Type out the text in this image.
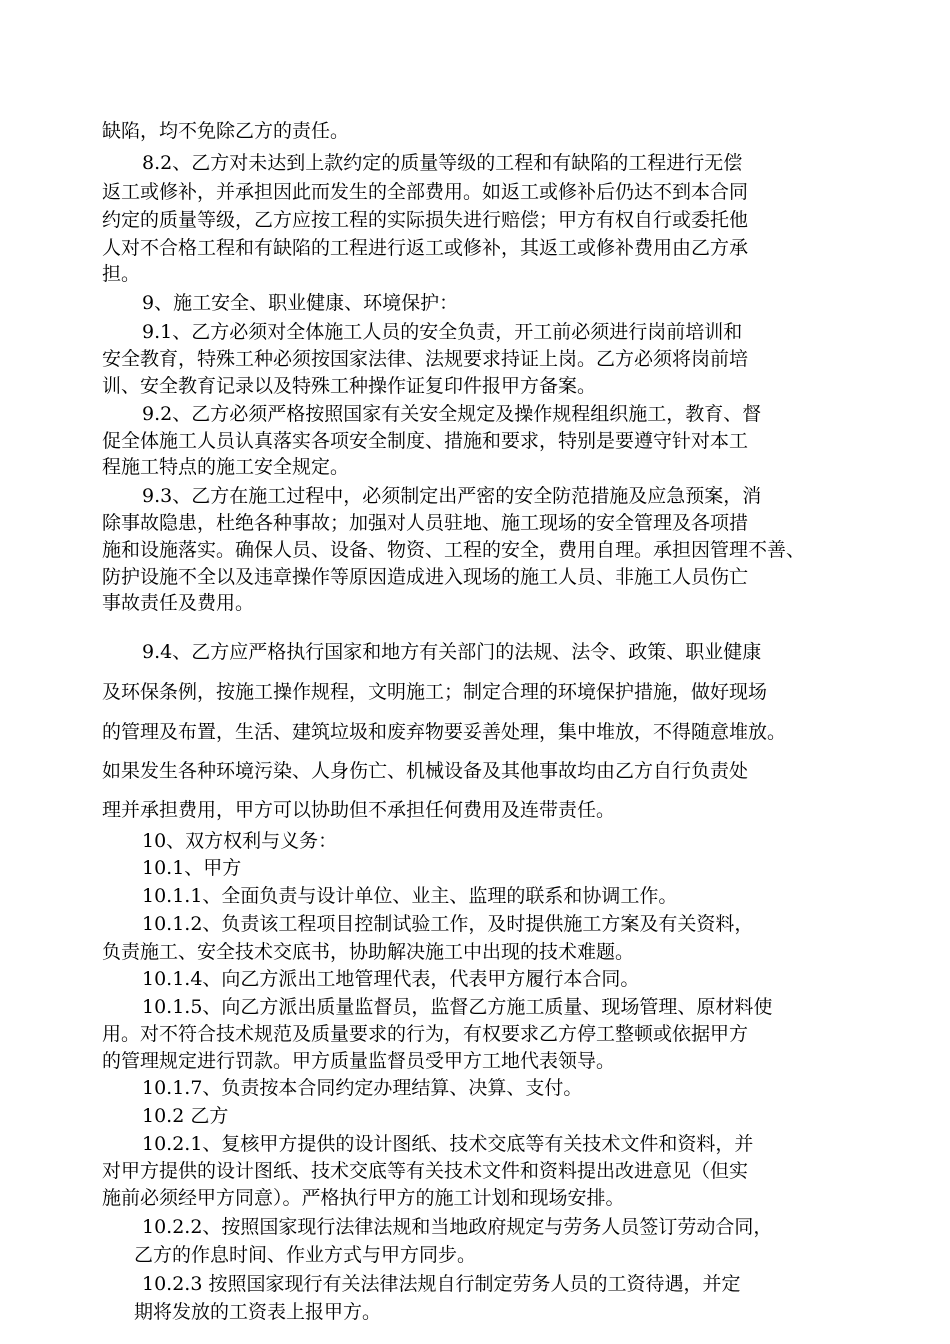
缺陷，均不免除乙方的责任。
8.2、乙方对未达到上款约定的质量等级的工程和有缺陷的工程进行无偿
返工或修补，并承担因此而发生的全部费用。如返工或修补后仍达不到本合同
约定的质量等级，乙方应按工程的实际损失进行赔偿；甲方有权自行或委托他
人对不合格工程和有缺陷的工程进行返工或修补，其返工或修补费用由乙方承
担。
9、施工安全、职业健康、环境保护：
9.1、乙方必须对全体施工人员的安全负责，开工前必须进行岗前培训和
安全教育，特殊工种必须按国家法律、法规要求持证上岗。乙方必须将岗前培
训、安全教育记录以及特殊工种操作证复印件报甲方备案。
9.2、乙方必须严格按照国家有关安全规定及操作规程组织施工，教育、督
促全体施工人员认真落实各项安全制度、措施和要求，特别是要遵守针对本工
程施工特点的施工安全规定。
9.3、乙方在施工过程中，必须制定出严密的安全防范措施及应急预案，消
除事故隐患，杜绝各种事故；加强对人员驻地、施工现场的安全管理及各项措
施和设施落实。确保人员、设备、物资、工程的安全，费用自理。承担因管理不善、
防护设施不全以及违章操作等原因造成进入现场的施工人员、非施工人员伤亡
事故责任及费用。
9.4、乙方应严格执行国家和地方有关部门的法规、法令、政策、职业健康
及环保条例，按施工操作规程，文明施工；制定合理的环境保护措施，做好现场
的管理及布置，生活、建筑垃圾和废弃物要妥善处理，集中堆放，不得随意堆放。
如果发生各种环境污染、人身伤亡、机械设备及其他事故均由乙方自行负责处
理并承担费用，甲方可以协助但不承担任何费用及连带责任。
10、双方权利与义务：
10.1、甲方
10.1.1、全面负责与设计单位、业主、监理的联系和协调工作。
10.1.2、负责该工程项目控制试验工作，及时提供施工方案及有关资料，
负责施工、安全技术交底书，协助解决施工中出现的技术难题。
10.1.4、向乙方派出工地管理代表，代表甲方履行本合同。
10.1.5、向乙方派出质量监督员，监督乙方施工质量、现场管理、原材料使
用。对不符合技术规范及质量要求的行为，有权要求乙方停工整顿或依据甲方
的管理规定进行罚款。甲方质量监督员受甲方工地代表领导。
10.1.7、负责按本合同约定办理结算、决算、支付。
10.2 乙方
10.2.1、复核甲方提供的设计图纸、技术交底等有关技术文件和资料，并
对甲方提供的设计图纸、技术交底等有关技术文件和资料提出改进意见（但实
施前必须经甲方同意）。严格执行甲方的施工计划和现场安排。
10.2.2、按照国家现行法律法规和当地政府规定与劳务人员签订劳动合同，
乙方的作息时间、作业方式与甲方同步。
10.2.3 按照国家现行有关法律法规自行制定劳务人员的工资待遇，并定
期将发放的工资表上报甲方。
